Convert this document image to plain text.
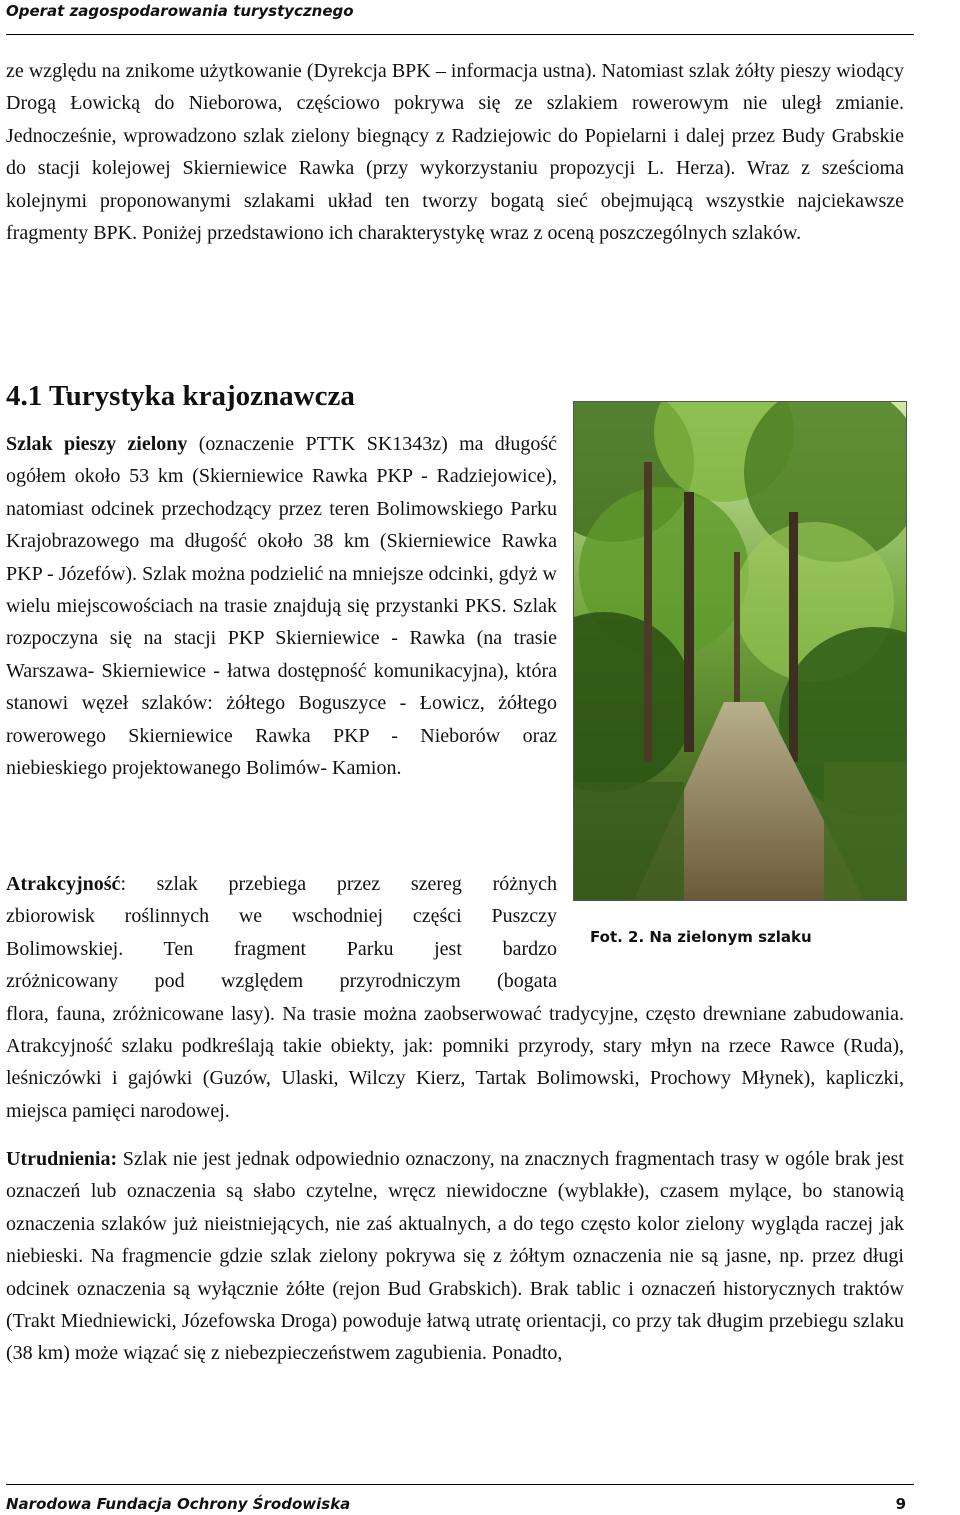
Operat zagospodarowania turystycznego
ze względu na znikome użytkowanie (Dyrekcja BPK – informacja ustna). Natomiast szlak żółty pieszy wiodący Drogą Łowicką do Nieborowa, częściowo pokrywa się ze szlakiem rowerowym nie uległ zmianie. Jednocześnie, wprowadzono szlak zielony biegnący z Radziejowic do Popielarni i dalej przez Budy Grabskie do stacji kolejowej Skierniewice Rawka (przy wykorzystaniu propozycji L. Herza). Wraz z sześcioma kolejnymi proponowanymi szlakami układ ten tworzy bogatą sieć obejmującą wszystkie najciekawsze fragmenty BPK. Poniżej przedstawiono ich charakterystykę wraz z oceną poszczególnych szlaków.
4.1 Turystyka krajoznawcza
Szlak pieszy zielony (oznaczenie PTTK SK1343z) ma długość ogółem około 53 km (Skierniewice Rawka PKP - Radziejowice), natomiast odcinek przechodzący przez teren Bolimowskiego Parku Krajobrazowego ma długość około 38 km (Skierniewice Rawka PKP - Józefów). Szlak można podzielić na mniejsze odcinki, gdyż w wielu miejscowościach na trasie znajdują się przystanki PKS. Szlak rozpoczyna się na stacji PKP Skierniewice - Rawka (na trasie Warszawa- Skierniewice - łatwa dostępność komunikacyjna), która stanowi węzeł szlaków: żółtego Boguszyce - Łowicz, żółtego rowerowego Skierniewice Rawka PKP - Nieborów oraz niebieskiego projektowanego Bolimów- Kamion.
Fot. 2. Na zielonym szlaku
Atrakcyjność: szlak przebiega przez szereg różnych
zbiorowisk roślinnych we wschodniej części Puszczy
Bolimowskiej. Ten fragment Parku jest bardzo
zróżnicowany pod względem przyrodniczym (bogata
flora, fauna, zróżnicowane lasy). Na trasie można zaobserwować tradycyjne, często drewniane zabudowania. Atrakcyjność szlaku podkreślają takie obiekty, jak: pomniki przyrody, stary młyn na rzece Rawce (Ruda), leśniczówki i gajówki (Guzów, Ulaski, Wilczy Kierz, Tartak Bolimowski, Prochowy Młynek), kapliczki, miejsca pamięci narodowej.
Utrudnienia: Szlak nie jest jednak odpowiednio oznaczony, na znacznych fragmentach trasy w ogóle brak jest oznaczeń lub oznaczenia są słabo czytelne, wręcz niewidoczne (wyblakłe), czasem mylące, bo stanowią oznaczenia szlaków już nieistniejących, nie zaś aktualnych, a do tego często kolor zielony wygląda raczej jak niebieski. Na fragmencie gdzie szlak zielony pokrywa się z żółtym oznaczenia nie są jasne, np. przez długi odcinek oznaczenia są wyłącznie żółte (rejon Bud Grabskich). Brak tablic i oznaczeń historycznych traktów (Trakt Miedniewicki, Józefowska Droga) powoduje łatwą utratę orientacji, co przy tak długim przebiegu szlaku (38 km) może wiązać się z niebezpieczeństwem zagubienia. Ponadto,
Narodowa Fundacja Ochrony Środowiska	9
